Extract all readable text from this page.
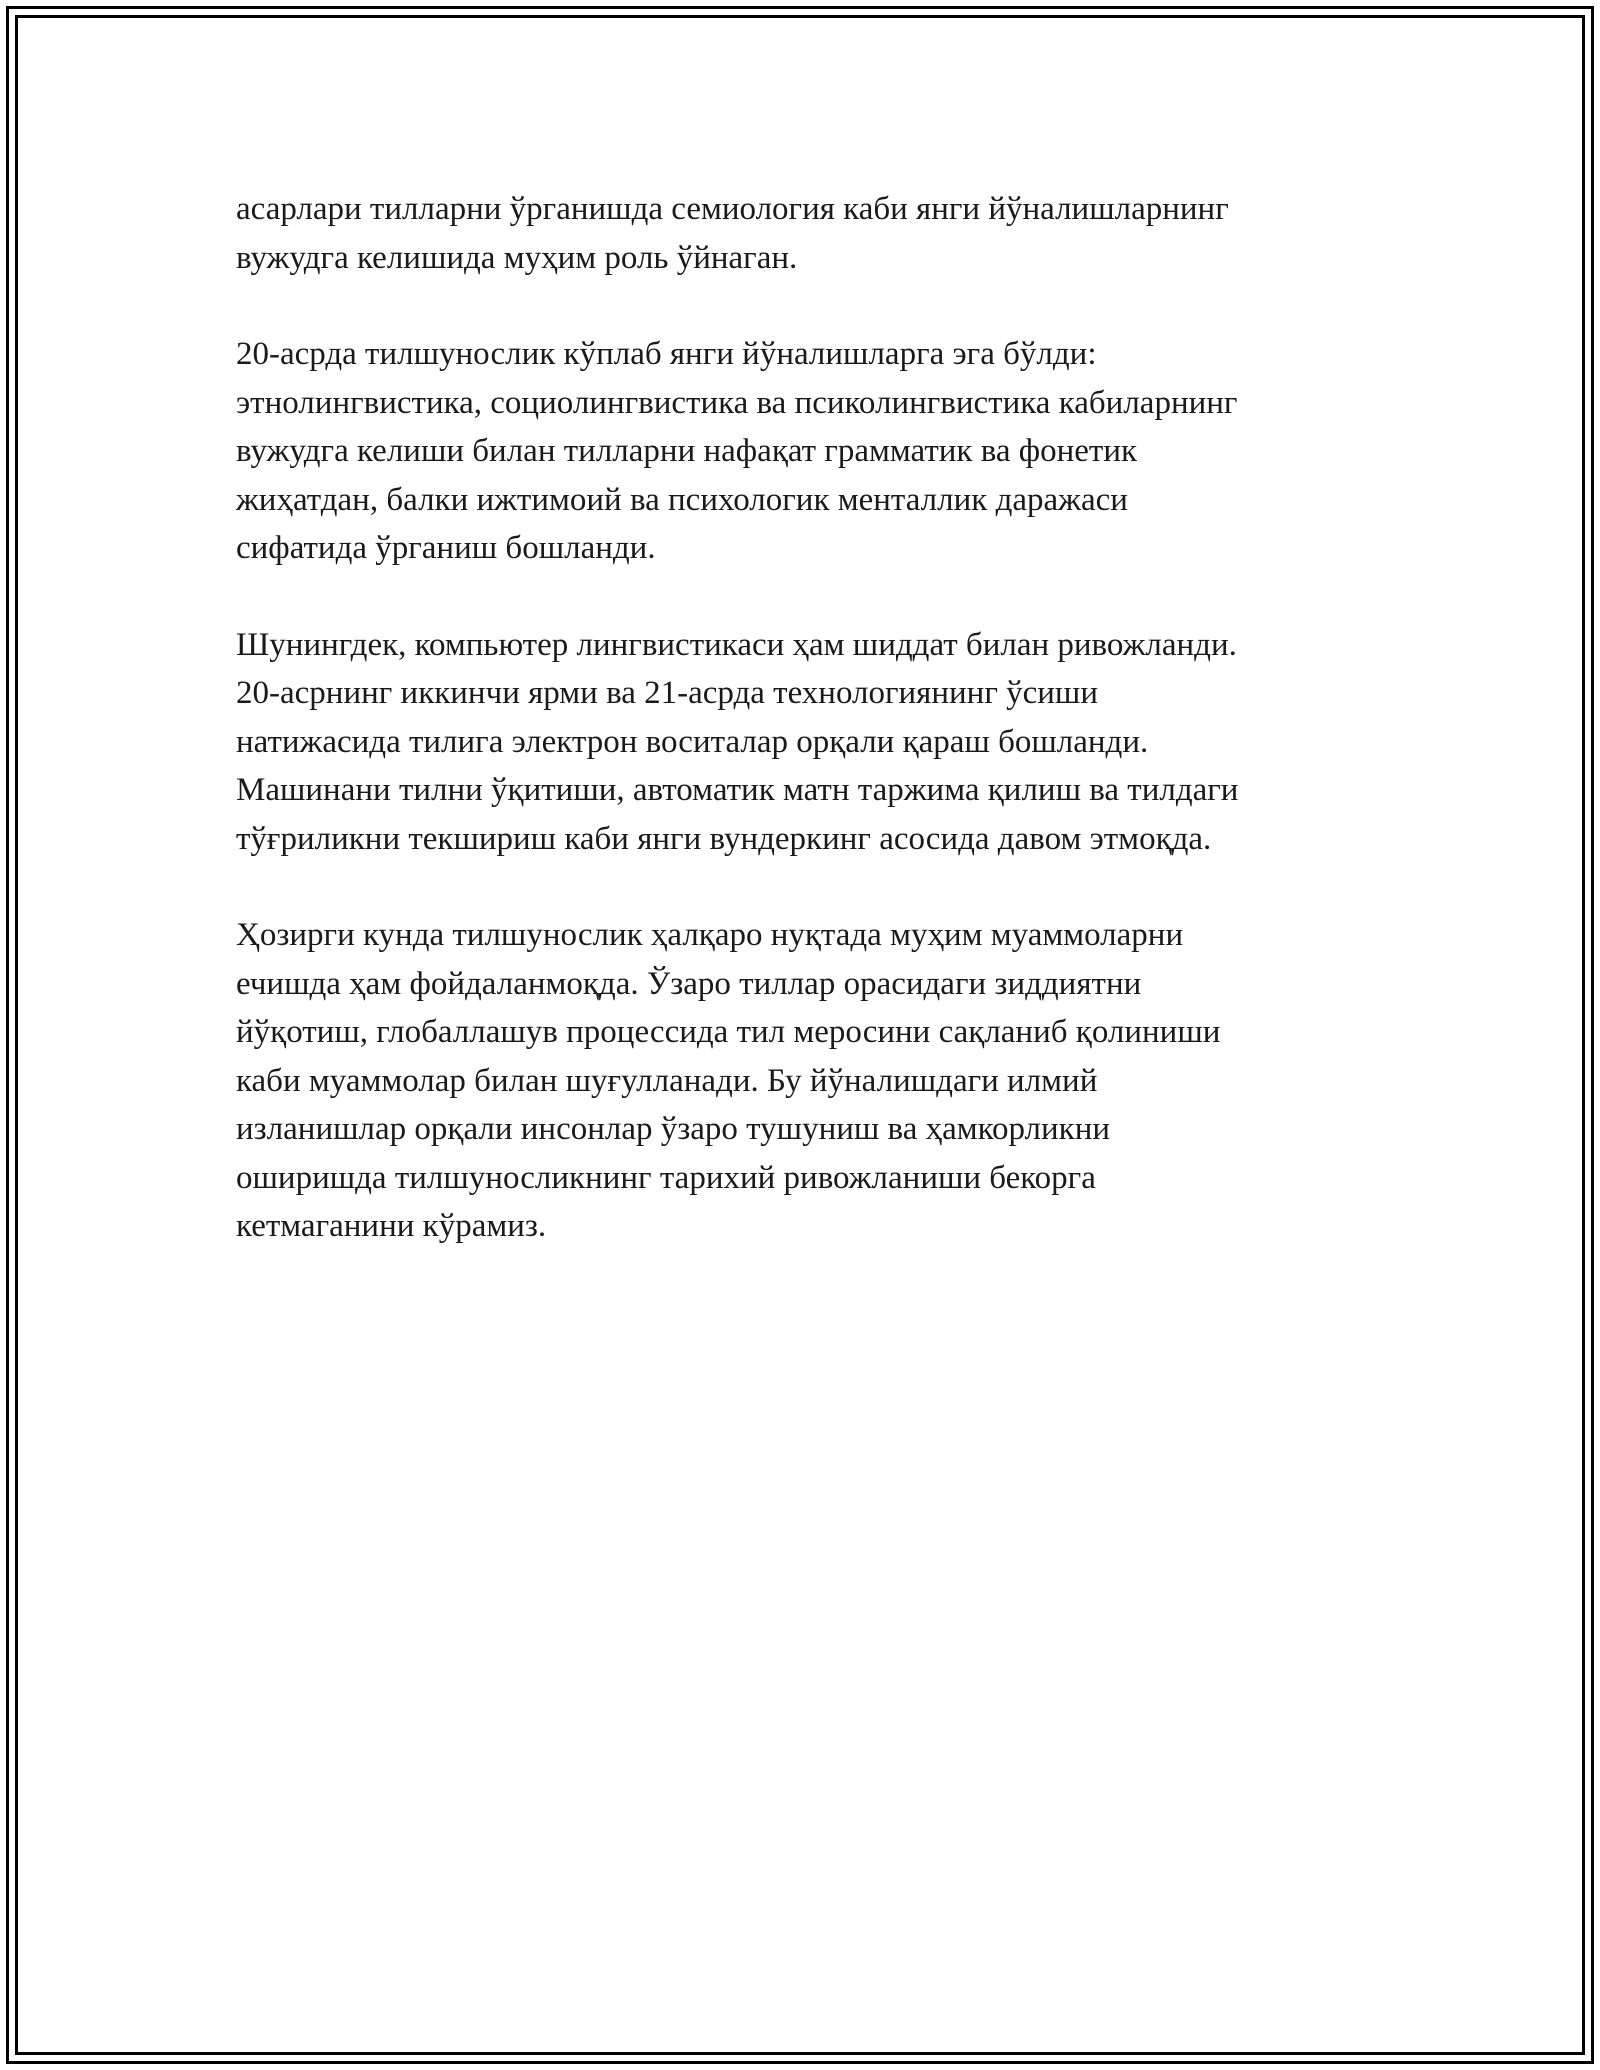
асарлари тилларни ўрганишда семиология каби янги йўналишларнинг
вужудга келишида муҳим роль ўйнаган.

20-асрда тилшунослик кўплаб янги йўналишларга эга бўлди:
этнолингвистика, социолингвистика ва псиколингвистика кабиларнинг
вужудга келиши билан тилларни нафақат грамматик ва фонетик
жиҳатдан, балки ижтимоий ва психологик менталлик даражаси
сифатида ўрганиш бошланди.

Шунингдек, компьютер лингвистикаси ҳам шиддат билан ривожланди.
20-асрнинг иккинчи ярми ва 21-асрда технологиянинг ўсиши
натижасида тилига электрон воситалар орқали қараш бошланди.
Машинани тилни ўқитиши, автоматик матн таржима қилиш ва тилдаги
тўғриликни текшириш каби янги вундеркинг асосида давом этмоқда.

Ҳозирги кунда тилшунослик ҳалқаро нуқтада муҳим муаммоларни
ечишда ҳам фойдаланмоқда. Ўзаро тиллар орасидаги зиддиятни
йўқотиш, глобаллашув процессида тил меросини сақланиб қолиниши
каби муаммолар билан шуғулланади. Бу йўналишдаги илмий
изланишлар орқали инсонлар ўзаро тушуниш ва ҳамкорликни
оширишда тилшуносликнинг тарихий ривожланиши бекорга
кетмаганини кўрамиз.
